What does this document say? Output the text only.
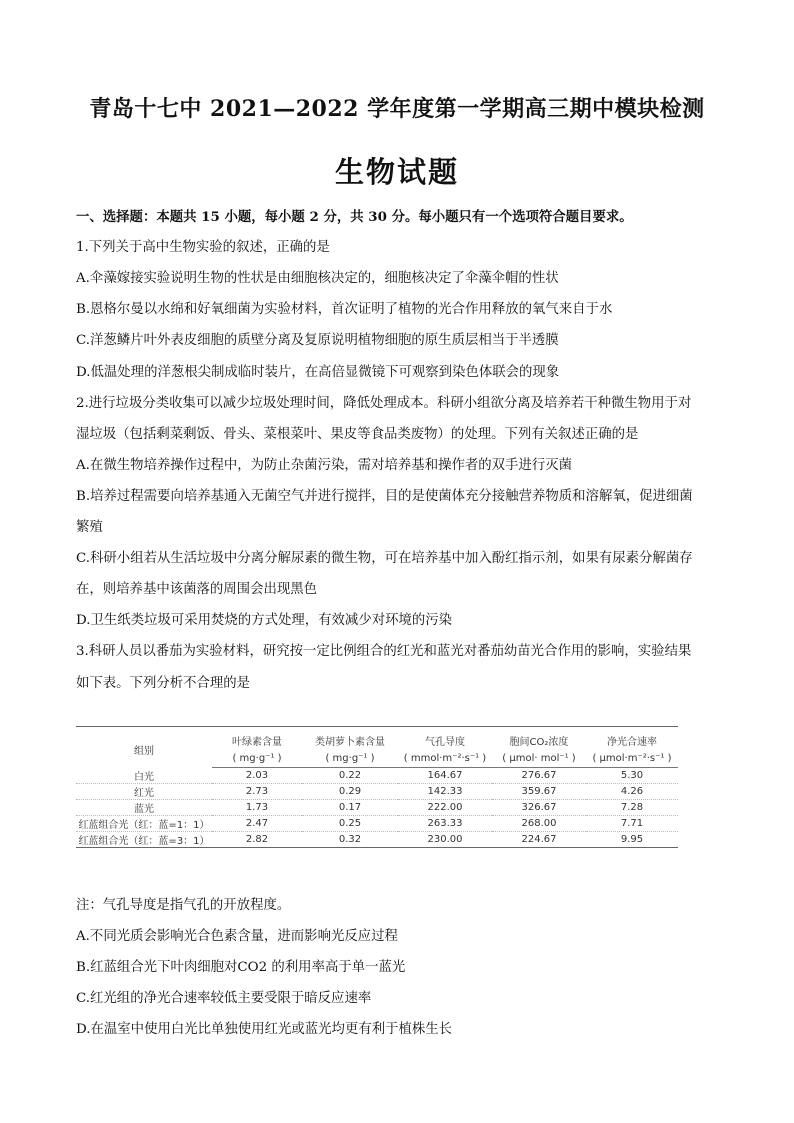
青岛十七中 2021—2022 学年度第一学期高三期中模块检测
生物试题
一、选择题：本题共 15 小题，每小题 2 分，共 30 分。每小题只有一个选项符合题目要求。
1.下列关于高中生物实验的叙述，正确的是
A.伞藻嫁接实验说明生物的性状是由细胞核决定的，细胞核决定了伞藻伞帽的性状
B.恩格尔曼以水绵和好氧细菌为实验材料，首次证明了植物的光合作用释放的氧气来自于水
C.洋葱鳞片叶外表皮细胞的质壁分离及复原说明植物细胞的原生质层相当于半透膜
D.低温处理的洋葱根尖制成临时装片，在高倍显微镜下可观察到染色体联会的现象
2.进行垃圾分类收集可以减少垃圾处理时间，降低处理成本。科研小组欲分离及培养若干种微生物用于对
湿垃圾（包括剩菜剩饭、骨头、菜根菜叶、果皮等食品类废物）的处理。下列有关叙述正确的是
A.在微生物培养操作过程中，为防止杂菌污染，需对培养基和操作者的双手进行灭菌
B.培养过程需要向培养基通入无菌空气并进行搅拌，目的是使菌体充分接触营养物质和溶解氧，促进细菌
繁殖
C.科研小组若从生活垃圾中分离分解尿素的微生物，可在培养基中加入酚红指示剂，如果有尿素分解菌存
在，则培养基中该菌落的周围会出现黑色
D.卫生纸类垃圾可采用焚烧的方式处理，有效减少对环境的污染
3.科研人员以番茄为实验材料，研究按一定比例组合的红光和蓝光对番茄幼苗光合作用的影响，实验结果
如下表。下列分析不合理的是
组别	叶绿素含量	类胡萝卜素含量	气孔导度	胞间CO₂浓度	净光合速率
	( mg·g⁻¹ )	( mg·g⁻¹ )	( mmol·m⁻²·s⁻¹ )	( μmol· mol⁻¹ )	( μmol·m⁻²·s⁻¹ )
白光	2.03	0.22	164.67	276.67	5.30
红光	2.73	0.29	142.33	359.67	4.26
蓝光	1.73	0.17	222.00	326.67	7.28
红蓝组合光（红：蓝=1：1）	2.47	0.25	263.33	268.00	7.71
红蓝组合光（红：蓝=3：1）	2.82	0.32	230.00	224.67	9.95
注：气孔导度是指气孔的开放程度。
A.不同光质会影响光合色素含量，进而影响光反应过程
B.红蓝组合光下叶肉细胞对CO2 的利用率高于单一蓝光
C.红光组的净光合速率较低主要受限于暗反应速率
D.在温室中使用白光比单独使用红光或蓝光均更有利于植株生长
